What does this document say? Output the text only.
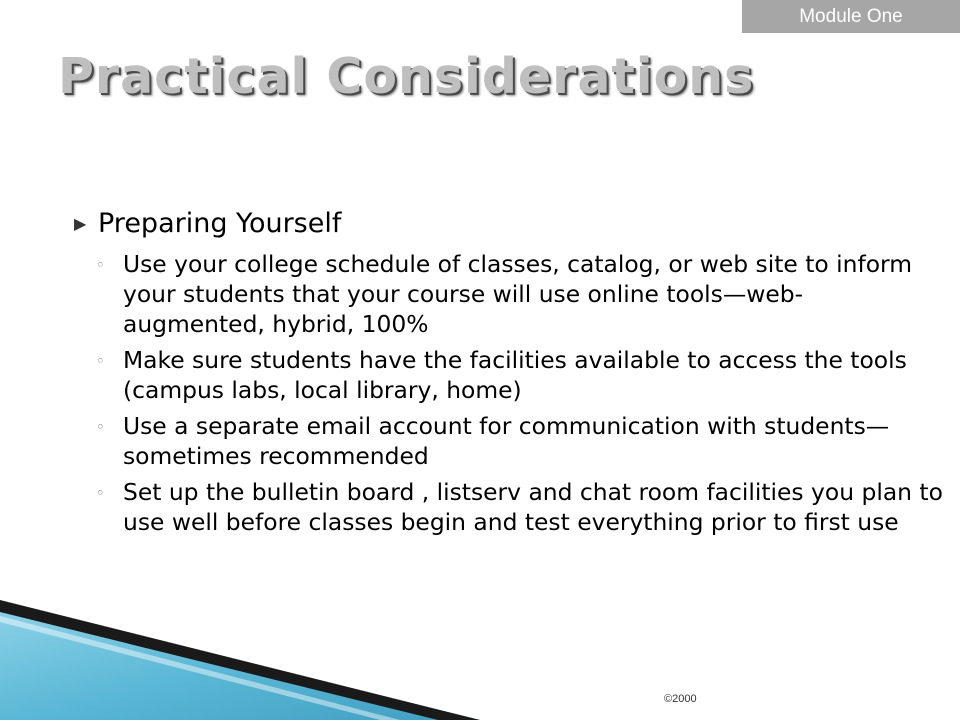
Module One
Practical Considerations
▶ Preparing Yourself
◦ Use your college schedule of classes, catalog, or web site to inform your students that your course will use online tools—web-augmented, hybrid, 100%
◦ Make sure students have the facilities available to access the tools (campus labs, local library, home)
◦ Use a separate email account for communication with students—sometimes recommended
◦ Set up the bulletin board , listserv and chat room facilities you plan to use well before classes begin and test everything prior to first use
©2000
